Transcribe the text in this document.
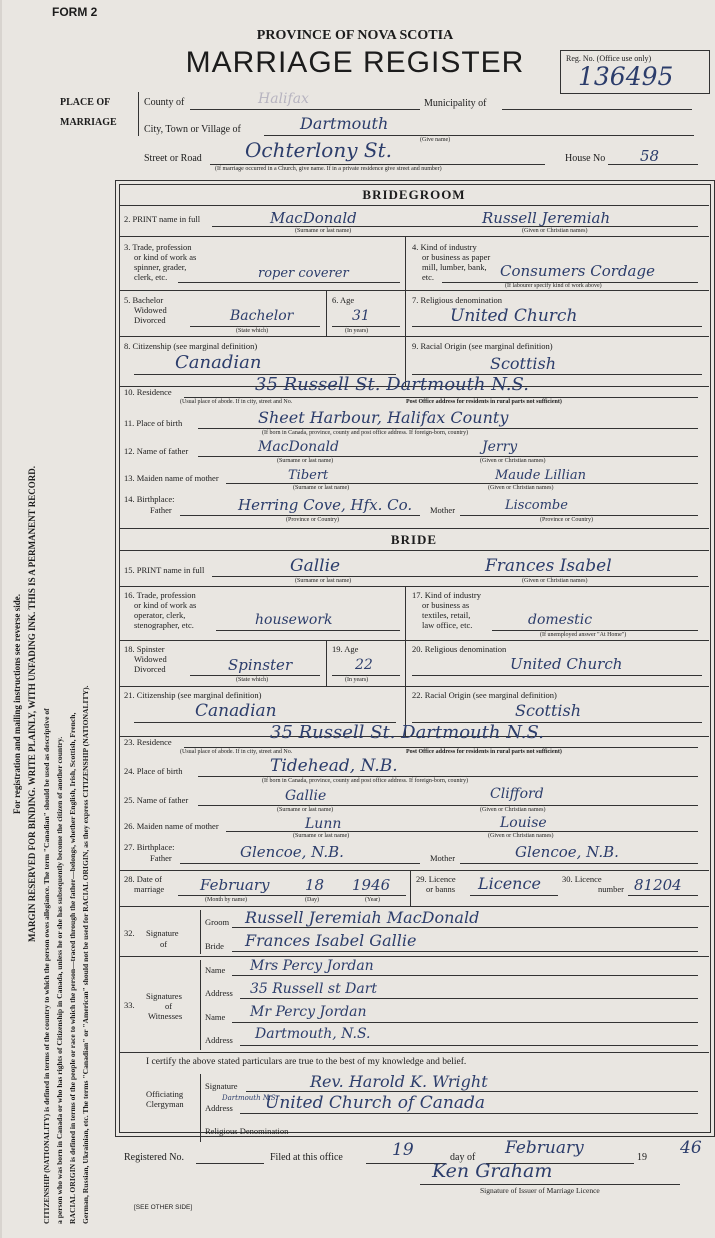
FORM 2
PROVINCE OF NOVA SCOTIA
MARRIAGE REGISTER	Reg. No. (Office use only)
136495
For registration and mailing instructions see reverse side. MARGIN RESERVED FOR BINDING. WRITE PLAINLY, WITH UNFADING INK. THIS IS A PERMANENT RECORD.
CITIZENSHIP (NATIONALITY) is defined in terms of the country to which the person owes allegiance. The term "Canadian" should be used as descriptive of a person who was born in Canada or who has rights of Citizenship in Canada, unless he or she has subsequently become the citizen of another country. RACIAL ORIGIN is defined in terms of the people or race to which the person—traced through the father—belongs, whether English, Irish, Scottish, French, German, Russian, Ukrainian, etc. The terms "Canadian" or "American" should not be used for RACIAL ORIGIN, as they express CITIZENSHIP (NATIONALITY).
PLACE OF
MARRIAGE
County of	Halifax	Municipality of
City, Town or Village of	Dartmouth
(Give name)
Street or Road Ochterlony St.	House No 58
(If marriage occurred in a Church, give name. If in a private residence give street and number)
BRIDEGROOM
2. PRINT name in full	MacDonald	Russell Jeremiah
(Surname or last name)	(Given or Christian names)
3. Trade, profession
or kind of work as
spinner, grader,
clerk, etc.	roper coverer
4. Kind of industry
or business as paper
mill, lumber, bank,
etc.	Consumers Cordage
(If labourer specify kind of work above)
5. Bachelor
Widowed
Divorced	Bachelor
(State which)
6. Age
31
(In years)
7. Religious denomination
United Church
8. Citizenship (see marginal definition)
Canadian
9. Racial Origin (see marginal definition)
Scottish
10. Residence	35 Russell St. Dartmouth N.S.
(Usual place of abode. If in city, street and No.	Post Office address for residents in rural parts not sufficient)
11. Place of birth	Sheet Harbour, Halifax County
(If born in Canada, province, county and post office address. If foreign-born, country)
12. Name of father	MacDonald	Jerry
(Surname or last name)	(Given or Christian names)
13. Maiden name of mother	Tibert	Maude Lillian
(Surname or last name)	(Given or Christian names)
14. Birthplace:
Father	Herring Cove, Hfx. Co.
(Province or Country)
Mother	Liscombe
(Province or Country)
BRIDE
15. PRINT name in full	Gallie	Frances Isabel
(Surname or last name)	(Given or Christian names)
16. Trade, profession
or kind of work as
operator, clerk,
stenographer, etc.	housework
17. Kind of industry
or business as
textiles, retail,
law office, etc.	domestic
(If unemployed answer "At Home")
18. Spinster
Widowed
Divorced	Spinster
(State which)
19. Age
22
(In years)
20. Religious denomination
United Church
21. Citizenship (see marginal definition)
Canadian
22. Racial Origin (see marginal definition)
Scottish
23. Residence	35 Russell St. Dartmouth N.S.
(Usual place of abode. If in city, street and No.	Post Office address for residents in rural parts not sufficient)
24. Place of birth	Tidehead, N.B.
(If born in Canada, province, county and post office address. If foreign-born, country)
25. Name of father	Gallie	Clifford
(Surname or last name)	(Given or Christian names)
26. Maiden name of mother	Lunn	Louise
(Surname or last name)	(Given or Christian names)
27. Birthplace:
Father	Glencoe, N.B.	Mother	Glencoe, N.B.
28. Date of
marriage February 18 1946
(Month by name)	(Day)	(Year)
29. Licence
or banns Licence 30. Licence
number 81204
32. Signature
of
Groom Russell Jeremiah MacDonald
Bride Frances Isabel Gallie
33.
Signatures
of
Witnesses
Name Mrs Percy Jordan
Address 35 Russell st Dart
Name Mr Percy Jordan
Address Dartmouth, N.S.
I certify the above stated particulars are true to the best of my knowledge and belief.
Officiating
Clergyman
Signature	Rev. Harold K. Wright
Dartmouth N.S.
Address United Church of Canada
Religious Denomination
Registered No.	Filed at this office	19	day of February	19 46
Ken Graham
Signature of Issuer of Marriage Licence
[SEE OTHER SIDE]
